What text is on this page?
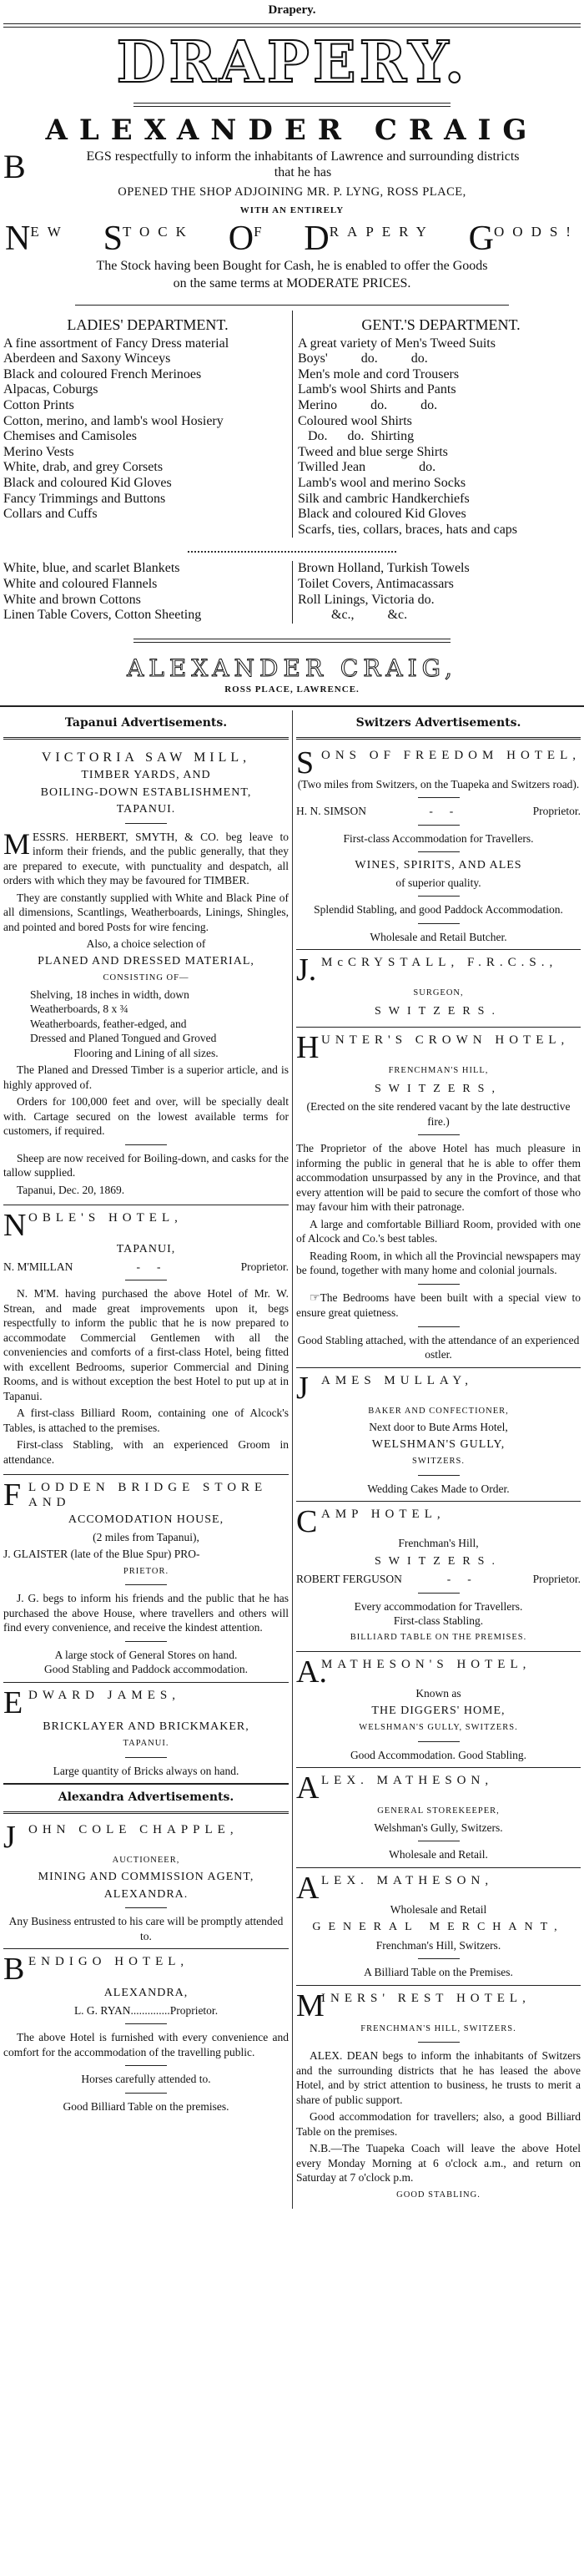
Drapery.
DRAPERY.
ALEXANDER CRAIG
B	EGS respectfully to inform the inhabitants of Lawrence and surrounding districts
that he has
OPENED THE SHOP ADJOINING MR. P. LYNG, ROSS PLACE,
WITH AN ENTIRELY
N EW S TOCK O F D RAPERY G OODS!
The Stock having been Bought for Cash, he is enabled to offer the Goods
on the same terms at MODERATE PRICES.
LADIES' DEPARTMENT.
A fine assortment of Fancy Dress material
Aberdeen and Saxony Winceys
Black and coloured French Merinoes
Alpacas, Coburgs
Cotton Prints
Cotton, merino, and lamb's wool Hosiery
Chemises and Camisoles
Merino Vests
White, drab, and grey Corsets
Black and coloured Kid Gloves
Fancy Trimmings and Buttons
Collars and Cuffs
GENT.'S DEPARTMENT.
A great variety of Men's Tweed Suits
Boys'          do.          do.
Men's mole and cord Trousers
Lamb's wool Shirts and Pants
Merino          do.          do.
Coloured wool Shirts
Do.      do.  Shirting
Tweed and blue serge Shirts
Twilled Jean                do.
Lamb's wool and merino Socks
Silk and cambric Handkerchiefs
Black and coloured Kid Gloves
Scarfs, ties, collars, braces, hats and caps
White, blue, and scarlet Blankets
White and coloured Flannels
White and brown Cottons
Linen Table Covers, Cotton Sheeting
Brown Holland, Turkish Towels
Toilet Covers, Antimacassars
Roll Linings, Victoria do.
&c.,          &c.
ALEXANDER CRAIG,
ROSS PLACE, LAWRENCE.
Tapanui Advertisements.
VICTORIA SAW MILL,
TIMBER YARDS, AND
BOILING-DOWN ESTABLISHMENT,
TAPANUI.
MESSRS. HERBERT, SMYTH, & CO. beg leave to inform their friends, and the public generally, that they are prepared to execute, with punctuality and despatch, all orders with which they may be favoured for TIMBER.
They are constantly supplied with White and Black Pine of all dimensions, Scantlings, Weatherboards, Linings, Shingles, and pointed and bored Posts for wire fencing.
Also, a choice selection of
PLANED AND DRESSED MATERIAL,
CONSISTING OF—
Shelving, 18 inches in width, down
Weatherboards, 8 x ¾
Weatherboards, feather-edged, and
Dressed and Planed Tongued and Groved
Flooring and Lining of all sizes.
The Planed and Dressed Timber is a superior article, and is highly approved of.
Orders for 100,000 feet and over, will be specially dealt with. Cartage secured on the lowest available terms for customers, if required.
Sheep are now received for Boiling-down, and casks for the tallow supplied.
Tapanui, Dec. 20, 1869.
N OBLE'S HOTEL,
TAPANUI,
N. M'MILLAN	--	Proprietor.
N. M'M. having purchased the above Hotel of Mr. W. Strean, and made great improvements upon it, begs respectfully to inform the public that he is now prepared to accommodate Commercial Gentlemen with all the conveniencies and comforts of a first-class Hotel, being fitted with excellent Bedrooms, superior Commercial and Dining Rooms, and is without exception the best Hotel to put up at in Tapanui.
A first-class Billiard Room, containing one of Alcock's Tables, is attached to the premises.
First-class Stabling, with an experienced Groom in attendance.
F LODDEN BRIDGE STORE AND
ACCOMODATION HOUSE,
(2 miles from Tapanui),
J. GLAISTER (late of the Blue Spur) PRO-
PRIETOR.
J. G. begs to inform his friends and the public that he has purchased the above House, where travellers and others will find every convenience, and receive the kindest attention.
A large stock of General Stores on hand.
Good Stabling and Paddock accommodation.
E DWARD JAMES,
BRICKLAYER AND BRICKMAKER,
TAPANUI.
Large quantity of Bricks always on hand.
Alexandra Advertisements.
J OHN COLE CHAPPLE,
AUCTIONEER,
MINING AND COMMISSION AGENT,
ALEXANDRA.
Any Business entrusted to his care will be promptly attended to.
B ENDIGO HOTEL,
ALEXANDRA,
L. G. RYAN..............Proprietor.
The above Hotel is furnished with every convenience and comfort for the accommodation of the travelling public.
Horses carefully attended to.
Good Billiard Table on the premises.
Switzers Advertisements.
S ONS OF FREEDOM HOTEL,
(Two miles from Switzers, on the Tuapeka and Switzers road).
H. N. SIMSON	--	Proprietor.
First-class Accommodation for Travellers.
WINES, SPIRITS, AND ALES
of superior quality.
Splendid Stabling, and good Paddock Accommodation.
Wholesale and Retail Butcher.
J. McCRYSTALL, F.R.C.S.,
SURGEON,
SWITZERS.
H UNTER'S CROWN HOTEL,
FRENCHMAN'S HILL,
SWITZERS,
(Erected on the site rendered vacant by the late destructive fire.)
The Proprietor of the above Hotel has much pleasure in informing the public in general that he is able to offer them accommodation unsurpassed by any in the Province, and that every attention will be paid to secure the comfort of those who may favour him with their patronage.
A large and comfortable Billiard Room, provided with one of Alcock and Co.'s best tables.
Reading Room, in which all the Provincial newspapers may be found, together with many home and colonial journals.
☞The Bedrooms have been built with a special view to ensure great quietness.
Good Stabling attached, with the attendance of an experienced ostler.
J AMES MULLAY,
BAKER AND CONFECTIONER,
Next door to Bute Arms Hotel,
WELSHMAN'S GULLY,
SWITZERS.
Wedding Cakes Made to Order.
C AMP HOTEL,
Frenchman's Hill,
SWITZERS.
ROBERT FERGUSON	--	Proprietor.
Every accommodation for Travellers.
First-class Stabling.
BILLIARD TABLE ON THE PREMISES.
A.
MATHESON'S HOTEL,
Known as
THE DIGGERS' HOME,
WELSHMAN'S GULLY, SWITZERS.
Good Accommodation. Good Stabling.
A LEX. MATHESON,
GENERAL STOREKEEPER,
Welshman's Gully, Switzers.
Wholesale and Retail.
A LEX. MATHESON,
Wholesale and Retail
GENERAL MERCHANT,
Frenchman's Hill, Switzers.
A Billiard Table on the Premises.
M
INERS' REST HOTEL,
FRENCHMAN'S HILL, SWITZERS.
ALEX. DEAN begs to inform the inhabitants of Switzers and the surrounding districts that he has leased the above Hotel, and by strict attention to business, he trusts to merit a share of public support.
Good accommodation for travellers; also, a good Billiard Table on the premises.
N.B.—The Tuapeka Coach will leave the above Hotel every Monday Morning at 6 o'clock a.m., and return on Saturday at 7 o'clock p.m.
GOOD STABLING.
